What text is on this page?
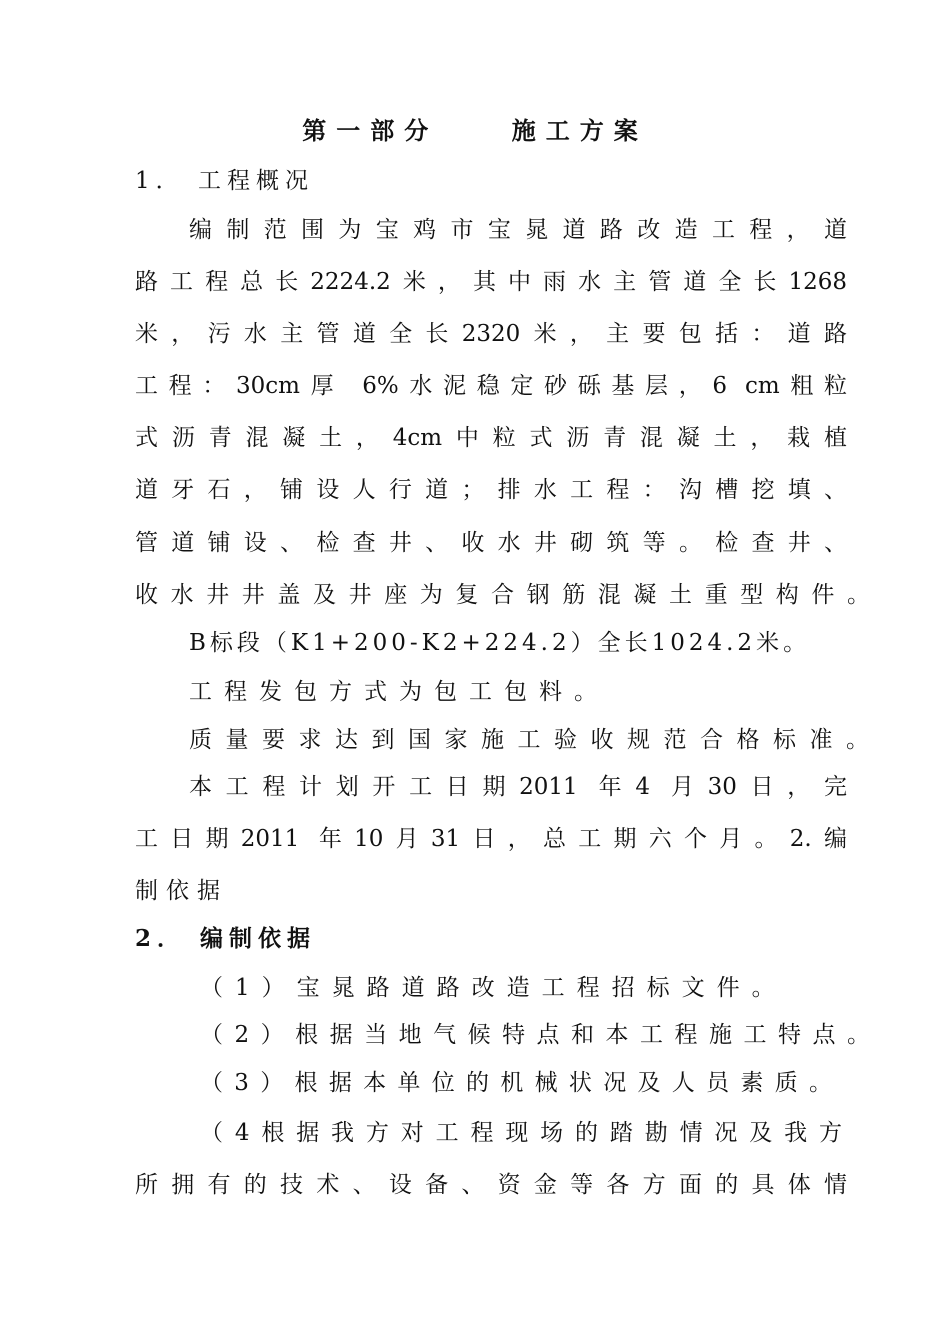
第一部分    施工方案
1． 工程概况
编制范围为宝鸡市宝晁道路改造工程，道
路工程总长2224.2米，其中雨水主管道全长1268
米，污水主管道全长2320米，主要包括：道路
工程：30cm厚 6%水泥稳定砂砾基层，6 cm粗粒
式沥青混凝土，4cm中粒式沥青混凝土，栽植
道牙石，铺设人行道；排水工程：沟槽挖填、
管道铺设、检查井、收水井砌筑等。检查井、
收水井井盖及井座为复合钢筋混凝土重型构件。
B标段（K1+200-K2+224.2）全长1024.2米。
工程发包方式为包工包料。
质量要求达到国家施工验收规范合格标准。
本工程计划开工日期2011 年4 月30日，完
工日期2011 年10月31日，总工期六个月。2.编
制依据
2． 编制依据
（1）宝晁路道路改造工程招标文件。
（2）根据当地气候特点和本工程施工特点。
（3）根据本单位的机械状况及人员素质。
（4根据我方对工程现场的踏勘情况及我方
所拥有的技术、设备、资金等各方面的具体情
